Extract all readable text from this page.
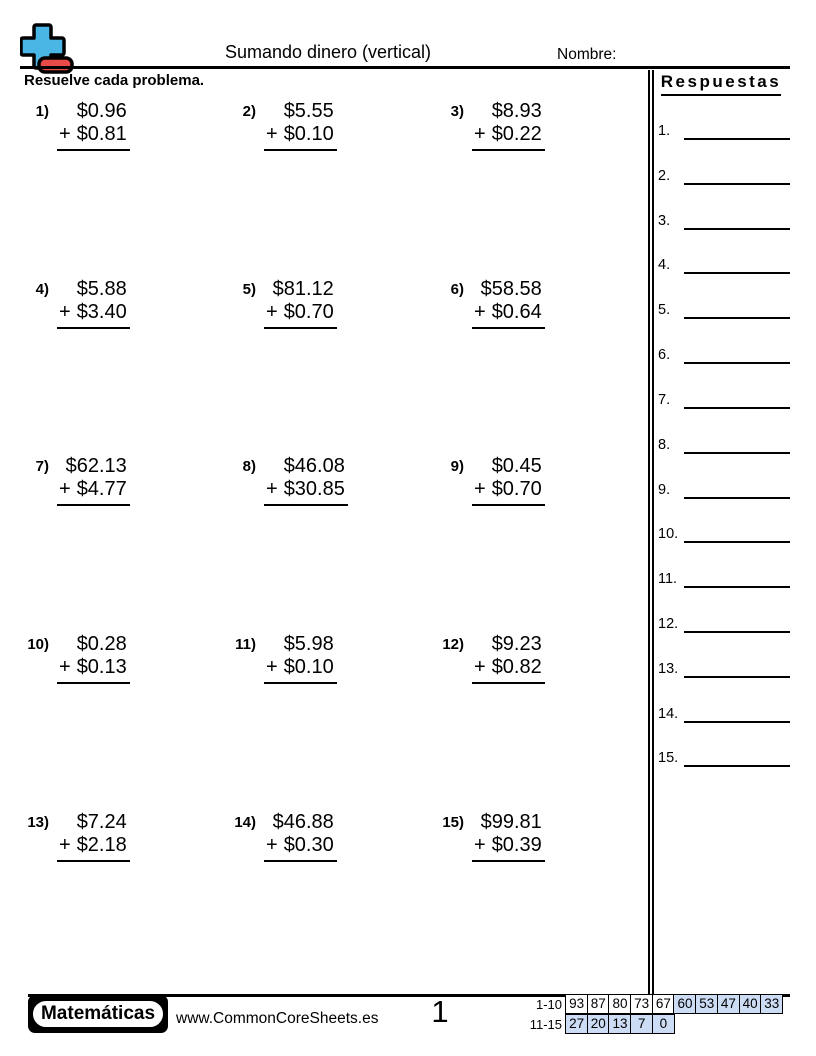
Sumando dinero (vertical)	Nombre:
Resuelve cada problema.
1)	$0.96
+ $0.81
2)	$5.55
+ $0.10
3)	$8.93
+ $0.22
4)	$5.88
+ $3.40
5) $81.12
+ $0.70
6) $58.58
+ $0.64
7) $62.13
+ $4.77
8)	$46.08
+ $30.85
9)	$0.45
+ $0.70
10)	$0.28
+ $0.13
11)	$5.98
+ $0.10
12)	$9.23
+ $0.82
13)	$7.24
+ $2.18
14) $46.88
+ $0.30
15) $99.81
+ $0.39
Respuestas
1.
2.
3.
4.
5.
6.
7.
8.
9.
10.
11.
12.
13.
14.
15.
Matemáticas	www.CommonCoreSheets.es	1	1-10 93 87 80 73 67 60 53 47 40 33
11-15 27 20 13 7	0
